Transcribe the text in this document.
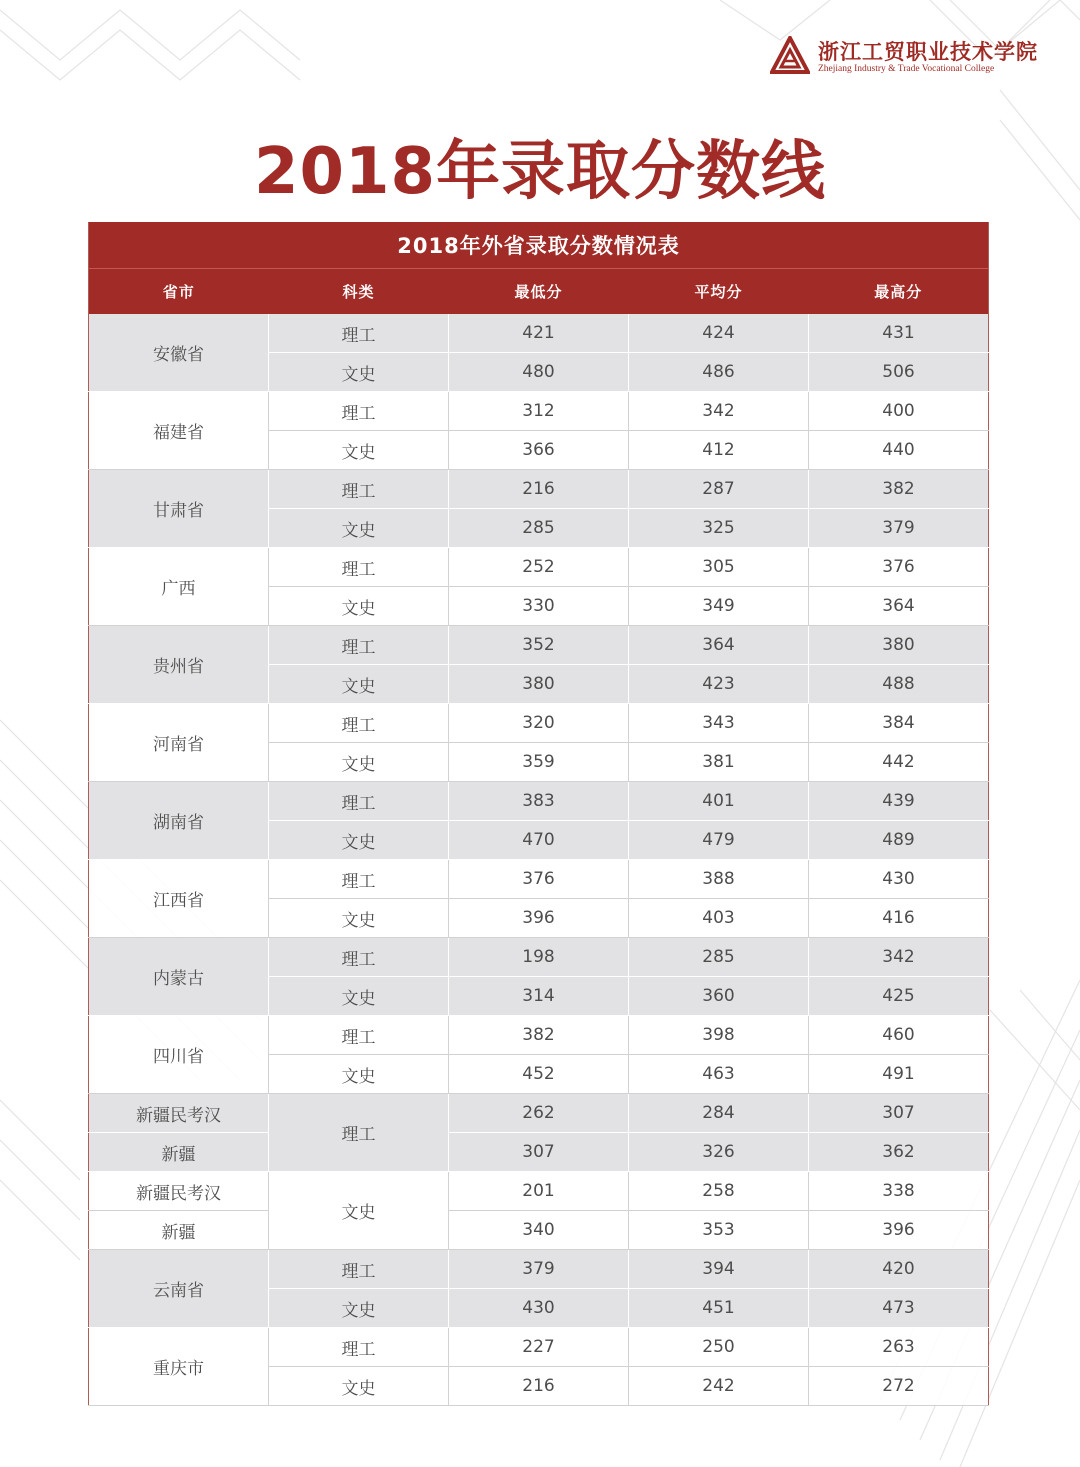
浙江工贸职业技术学院
Zhejiang Industry & Trade Vocational College
2018年录取分数线
2018年外省录取分数情况表				
省市	科类	最低分	平均分	最高分
安徽省	理工	421	424	431
	文史	480	486	506
福建省	理工	312	342	400
	文史	366	412	440
甘肃省	理工	216	287	382
	文史	285	325	379
广西	理工	252	305	376
	文史	330	349	364
贵州省	理工	352	364	380
	文史	380	423	488
河南省	理工	320	343	384
	文史	359	381	442
湖南省	理工	383	401	439
	文史	470	479	489
江西省	理工	376	388	430
	文史	396	403	416
内蒙古	理工	198	285	342
	文史	314	360	425
四川省	理工	382	398	460
	文史	452	463	491
新疆民考汉	理工	262	284	307
新疆		307	326	362
新疆民考汉	文史	201	258	338
新疆		340	353	396
云南省	理工	379	394	420
	文史	430	451	473
重庆市	理工	227	250	263
	文史	216	242	272
